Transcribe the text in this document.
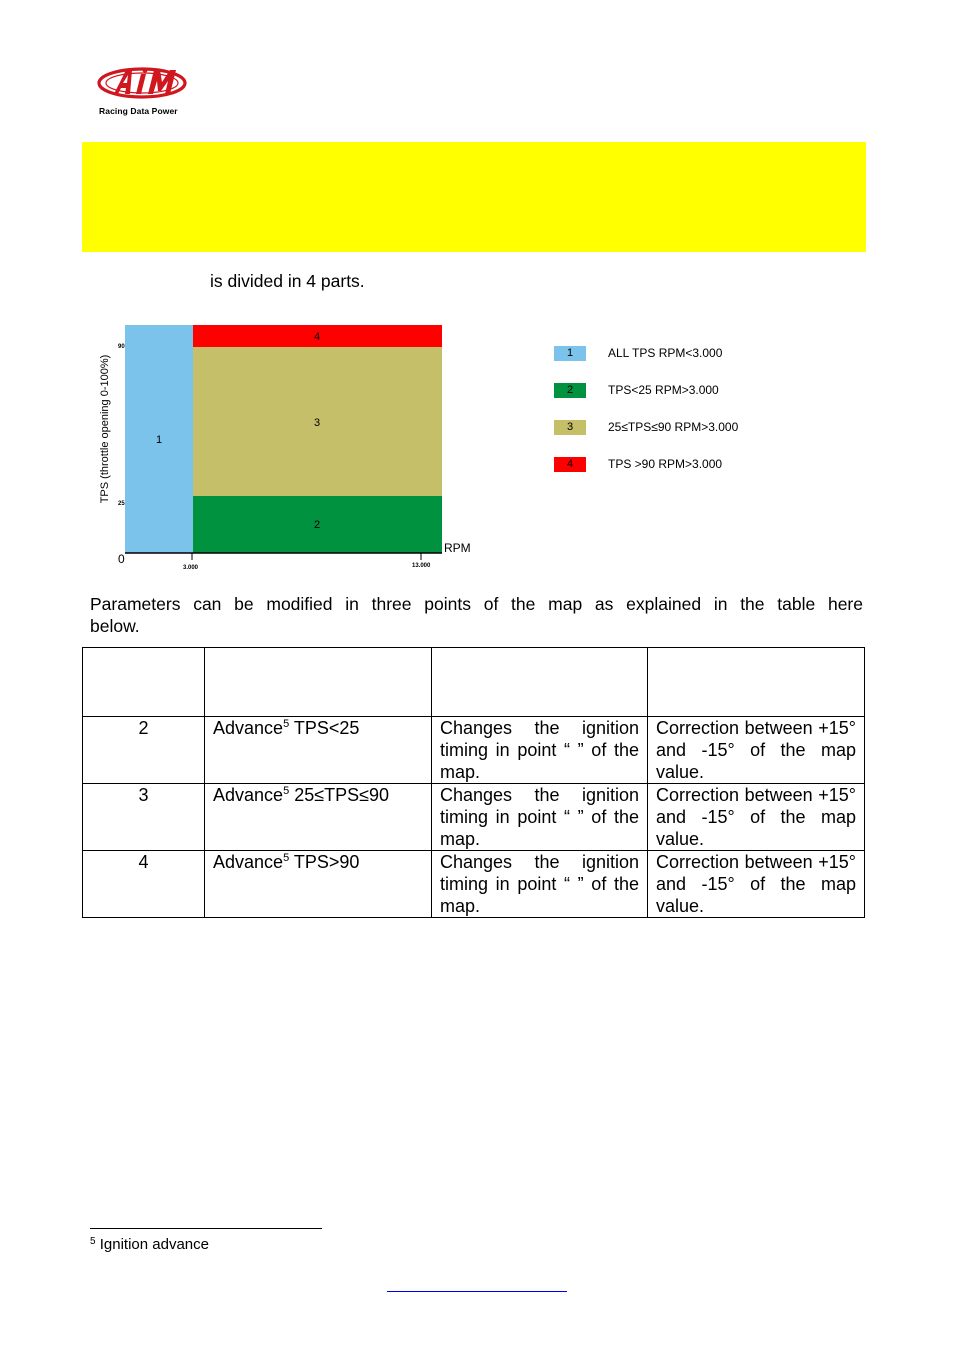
Racing Data Power
is divided in 4 parts.
4
3
1
2
90
25
0
3.000	13.000
RPM
TPS (throttle opening 0-100%)
1	ALL TPS RPM<3.000
2	TPS<25 RPM>3.000
3	25≤TPS≤90 RPM>3.000
4	TPS >90 RPM>3.000
Parameters can be modified in three points of the map as explained in the table here
below.

2	Advance$^5$ TPS<25	Changes the ignition timing in point “ ” of the map.	Correction between +15° and -15° of the map value.
3	Advance$^5$ 25≤TPS≤90	Changes the ignition timing in point “ ” of the map.	Correction between +15° and -15° of the map value.
4	Advance$^5$ TPS>90	Changes the ignition timing in point “ ” of the map.	Correction between +15° and -15° of the map value.
$^5$ Ignition advance
